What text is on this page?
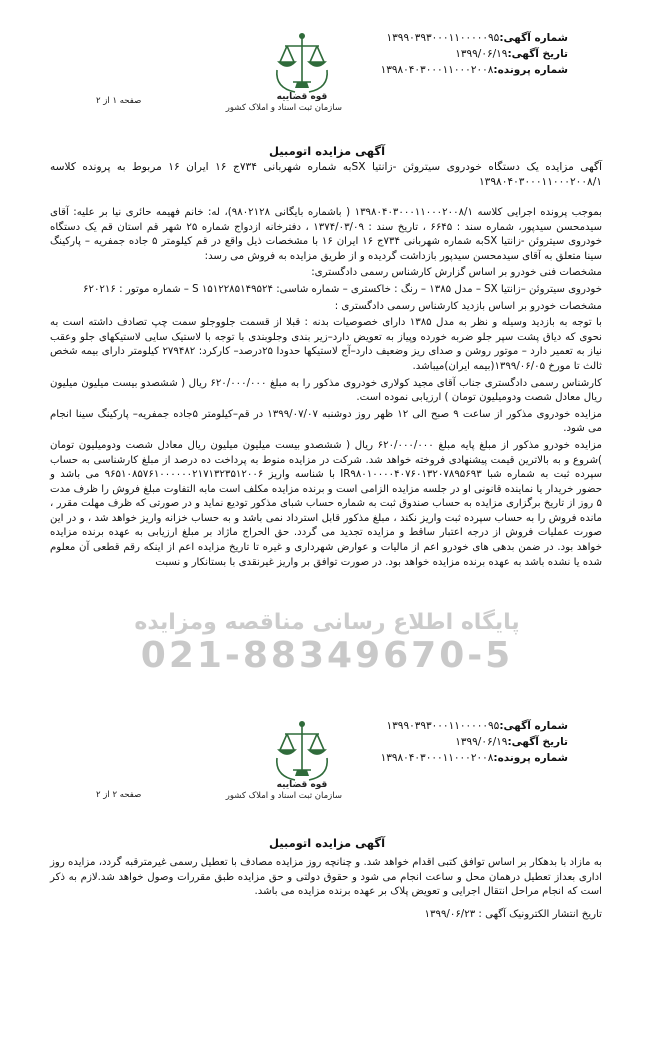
شماره آگهی:۱۳۹۹۰۳۹۳۰۰۰۱۱۰۰۰۰۰۹۵
تاریخ آگهی:۱۳۹۹/۰۶/۱۹
شماره پرونده:۱۳۹۸۰۴۰۳۰۰۰۱۱۰۰۰۲۰۰۸
قوه قضاییه
سازمان ثبت اسناد و املاک کشور
صفحه ۱ از ۲
آگهی مزایده اتومبیل

آگهی مزایده یک دستگاه خودروی سیتروئن -زانتیا SXبه شماره شهربانی ۷۳۴ج ۱۶ ایران ۱۶ مربوط به پرونده کلاسه ۱۳۹۸۰۴۰۳۰۰۰۱۱۰۰۰۲۰۰۸/۱

بموجب پرونده اجرایی کلاسه ۱۳۹۸۰۴۰۳۰۰۰۱۱۰۰۰۲۰۰۸/۱ ( باشماره بایگانی ۹۸۰۲۱۲۸)، له: خانم فهیمه حائری نیا بر علیه: آقای سیدمحسن سیدپور، شماره سند : ۶۶۴۵ ، تاریخ سند : ۱۳۷۴/۰۳/۰۹ ، دفترخانه ازدواج شماره ۲۵ شهر قم استان قم یک دستگاه خودروی سیتروئن -زانتیا SXبه شماره شهربانی ۷۳۴ج ۱۶ ایران ۱۶ با مشخصات ذیل واقع در قم کیلومتر ۵ جاده جمفریه – پارکینگ سینا متعلق به آقای سیدمحسن سیدپور بازداشت گردیده و از طریق مزایده به فروش می رسد:

مشخصات فنی خودرو بر اساس گزارش کارشناس رسمی دادگستری:

خودروی سیتروئن –زانتیا SX – مدل ۱۳۸۵ – رنگ : خاکستری – شماره شاسی: ۱۵۱۲۲۸۵۱۴۹۵۲۴ S – شماره موتور : ۶۲۰۲۱۶

مشخصات خودرو بر اساس بازدید کارشناس رسمی دادگستری :

با توجه به بازدید وسیله و نظر به مدل ۱۳۸۵ دارای خصوصیات بدنه : قبلا از قسمت جلووجلو سمت چپ تصادف داشته است به نحوی که دیاق پشت سپر جلو ضربه خورده وپیاز به تعویض دارد–زیر بندی وجلوبندی با توجه با لاستیک سایی لاستیکهای جلو وعقب نیاز به تعمیر دارد – موتور روشن و صدای ریز وضعیف دارد–آج لاستیکها حدودا ۲۵درصد– کارکرد: ۲۷۹۴۸۲ کیلومتر دارای بیمه شخص ثالث تا مورخ ۱۳۹۹/۰۶/۰۵(بیمه ایران)میباشد.

کارشناس رسمی دادگستری جناب آقای مجید کولاری خودروی مذکور را به مبلغ ۶۲۰/۰۰۰/۰۰۰ ریال ( ششصدو بیست میلیون میلیون ریال معادل شصت ودومیلیون تومان ) ارزیابی نموده است.

مزایده خودروی مذکور از ساعت ۹ صبح الی ۱۲ ظهر روز دوشنبه ۱۳۹۹/۰۷/۰۷ در قم–کیلومتر ۵جاده جمفریه– پارکینگ سینا انجام می شود.

مزایده خودرو مذکور از مبلغ پایه مبلغ ۶۲۰/۰۰۰/۰۰۰ ریال ( ششصدو بیست میلیون میلیون ریال معادل شصت ودومیلیون تومان )شروع و به بالاترین قیمت پیشنهادی فروخته خواهد شد. شرکت در مزایده منوط به پرداخت ده درصد از مبلغ کارشناسی به حساب سپرده ثبت به شماره شبا IR۹۸۰۱۰۰۰۰۴۰۷۶۰۱۳۲۰۷۸۹۵۶۹۳ با شناسه واریز ۹۶۵۱۰۸۵۷۶۱۰۰۰۰۰۰۲۱۷۱۳۲۳۵۱۲۰۰۶ می باشد و حضور خریدار یا نماینده قانونی او در جلسه مزایده الزامی است و برنده مزایده مکلف است مابه التفاوت مبلغ فروش را ظرف مدت ۵ روز از تاریخ برگزاری مزایده به حساب صندوق ثبت به شماره حساب شبای مذکور تودیع نماید و در صورتی که ظرف مهلت مقرر ، مانده فروش را به حساب سپرده ثبت واریز نکند ، مبلغ مذکور قابل استرداد نمی باشد و به حساب خزانه واریز خواهد شد ، و در این صورت عملیات فروش از درجه اعتبار ساقط و مزایده تجدید می گردد. حق الحراج ماژاد بر مبلغ ارزیابی به عهده برنده مزایده خواهد بود. در ضمن بدهی های خودرو اعم از مالیات و عوارض شهرداری و غیره تا تاریخ مزایده اعم از اینکه رقم قطعی آن معلوم شده یا نشده باشد به عهده برنده مزایده خواهد بود. در صورت توافق بر واریز غیرنقدی با بستانکار و نسبت

پایگاه اطلاع رسانی مناقصه ومزایده
021-88349670-5
شماره آگهی:۱۳۹۹۰۳۹۳۰۰۰۱۱۰۰۰۰۰۹۵
تاریخ آگهی:۱۳۹۹/۰۶/۱۹
شماره پرونده:۱۳۹۸۰۴۰۳۰۰۰۱۱۰۰۰۲۰۰۸
قوه قضاییه
سازمان ثبت اسناد و املاک کشور
صفحه ۲ از ۲
آگهی مزایده اتومبیل

به مازاد با بدهکار بر اساس توافق کتبی اقدام خواهد شد. و چنانچه روز مزایده مصادف با تعطیل رسمی غیرمترقبه گردد، مزایده روز اداری بعداز تعطیل درهمان محل و ساعت انجام می شود و حقوق دولتی و حق مزایده طبق مقررات وصول خواهد شد.لازم به ذکر است که انجام مراحل انتقال اجرایی و تعویض پلاک بر عهده برنده مزایده می باشد.

تاریخ انتشار الکترونیک آگهی : ۱۳۹۹/۰۶/۲۳
